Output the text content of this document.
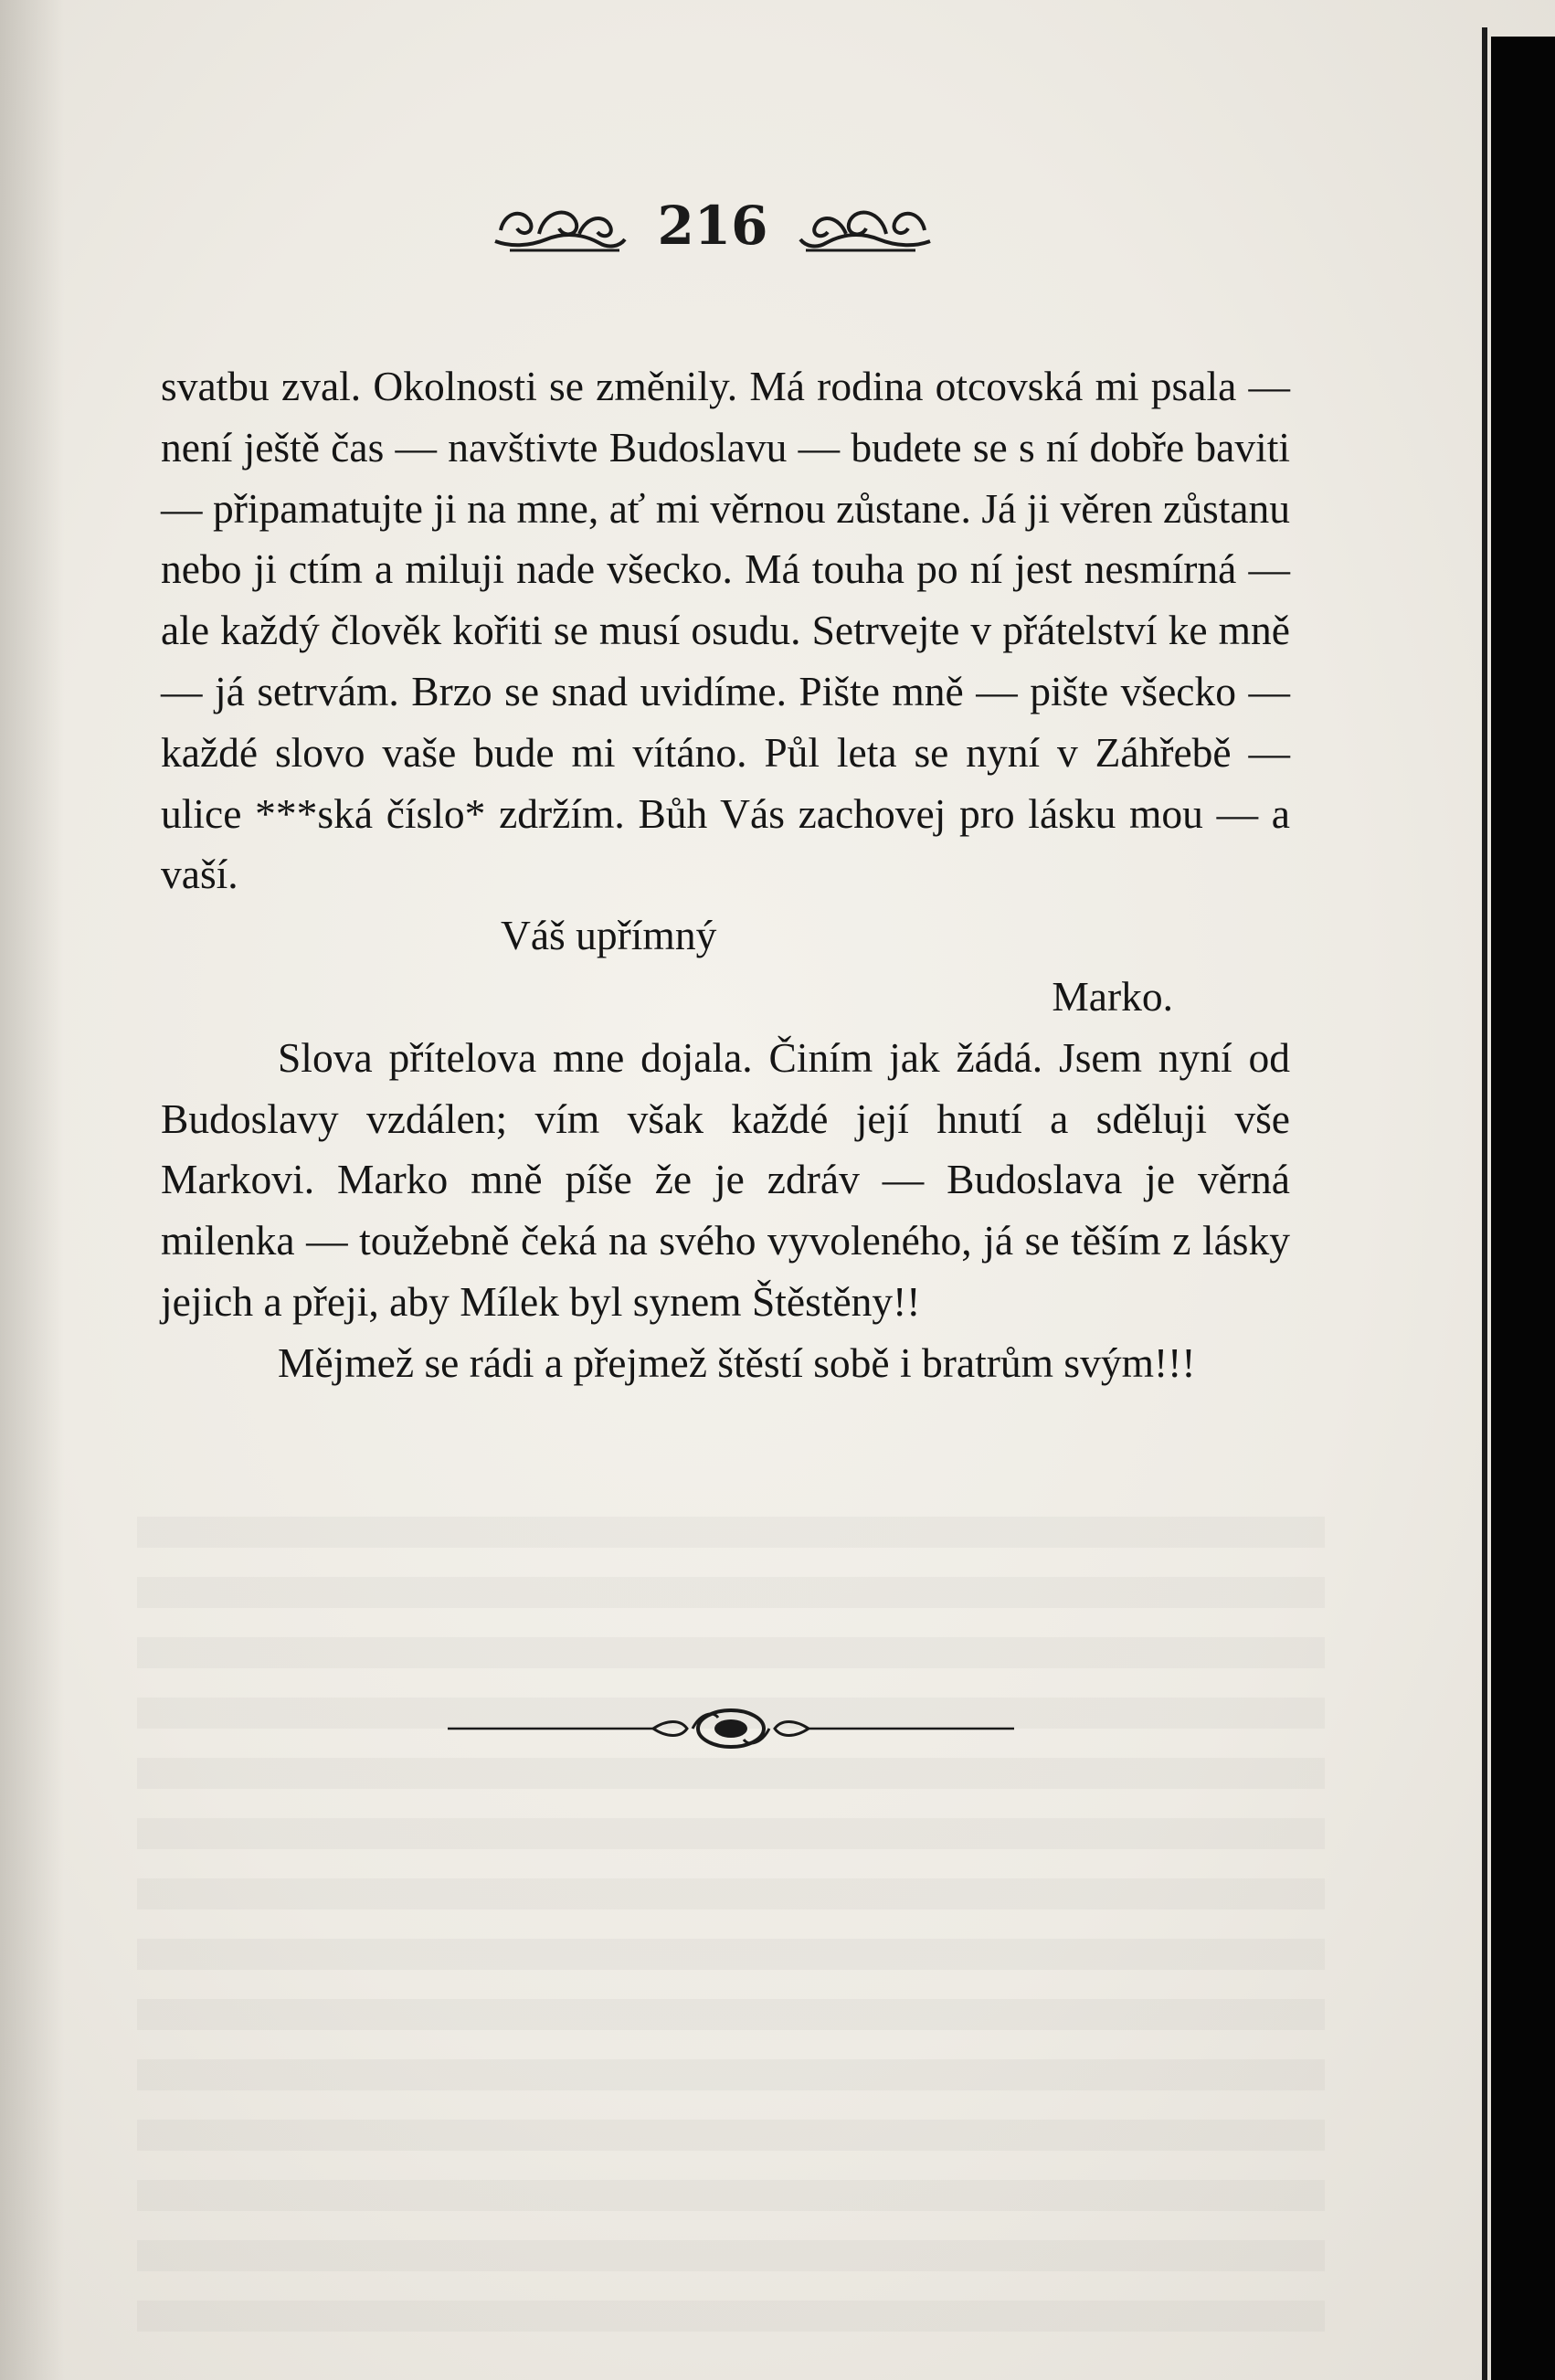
216

svatbu zval. Okolnosti se změnily. Má rodina otcovská mi psala — není ještě čas — navštivte Budoslavu — budete se s ní dobře baviti — připamatujte ji na mne, ať mi věrnou zůstane. Já ji věren zůstanu nebo ji ctím a miluji nade všecko. Má touha po ní jest nesmírná — ale každý člověk kořiti se musí osudu. Setrvejte v přátelství ke mně — já setrvám. Brzo se snad uvidíme. Pište mně — pište všecko — každé slovo vaše bude mi vítáno. Půl leta se nyní v Záhřebě — ulice ***ská číslo* zdržím. Bůh Vás zachovej pro lásku mou — a vaší.

Váš upřímný

Marko.

Slova přítelova mne dojala. Činím jak žádá. Jsem nyní od Budoslavy vzdálen; vím však každé její hnutí a sděluji vše Markovi. Marko mně píše že je zdráv — Budoslava je věrná milenka — toužebně čeká na svého vyvoleného, já se těším z lásky jejich a přeji, aby Mílek byl synem Štěstěny!!

Mějmež se rádi a přejmež štěstí sobě i bratrům svým!!!
